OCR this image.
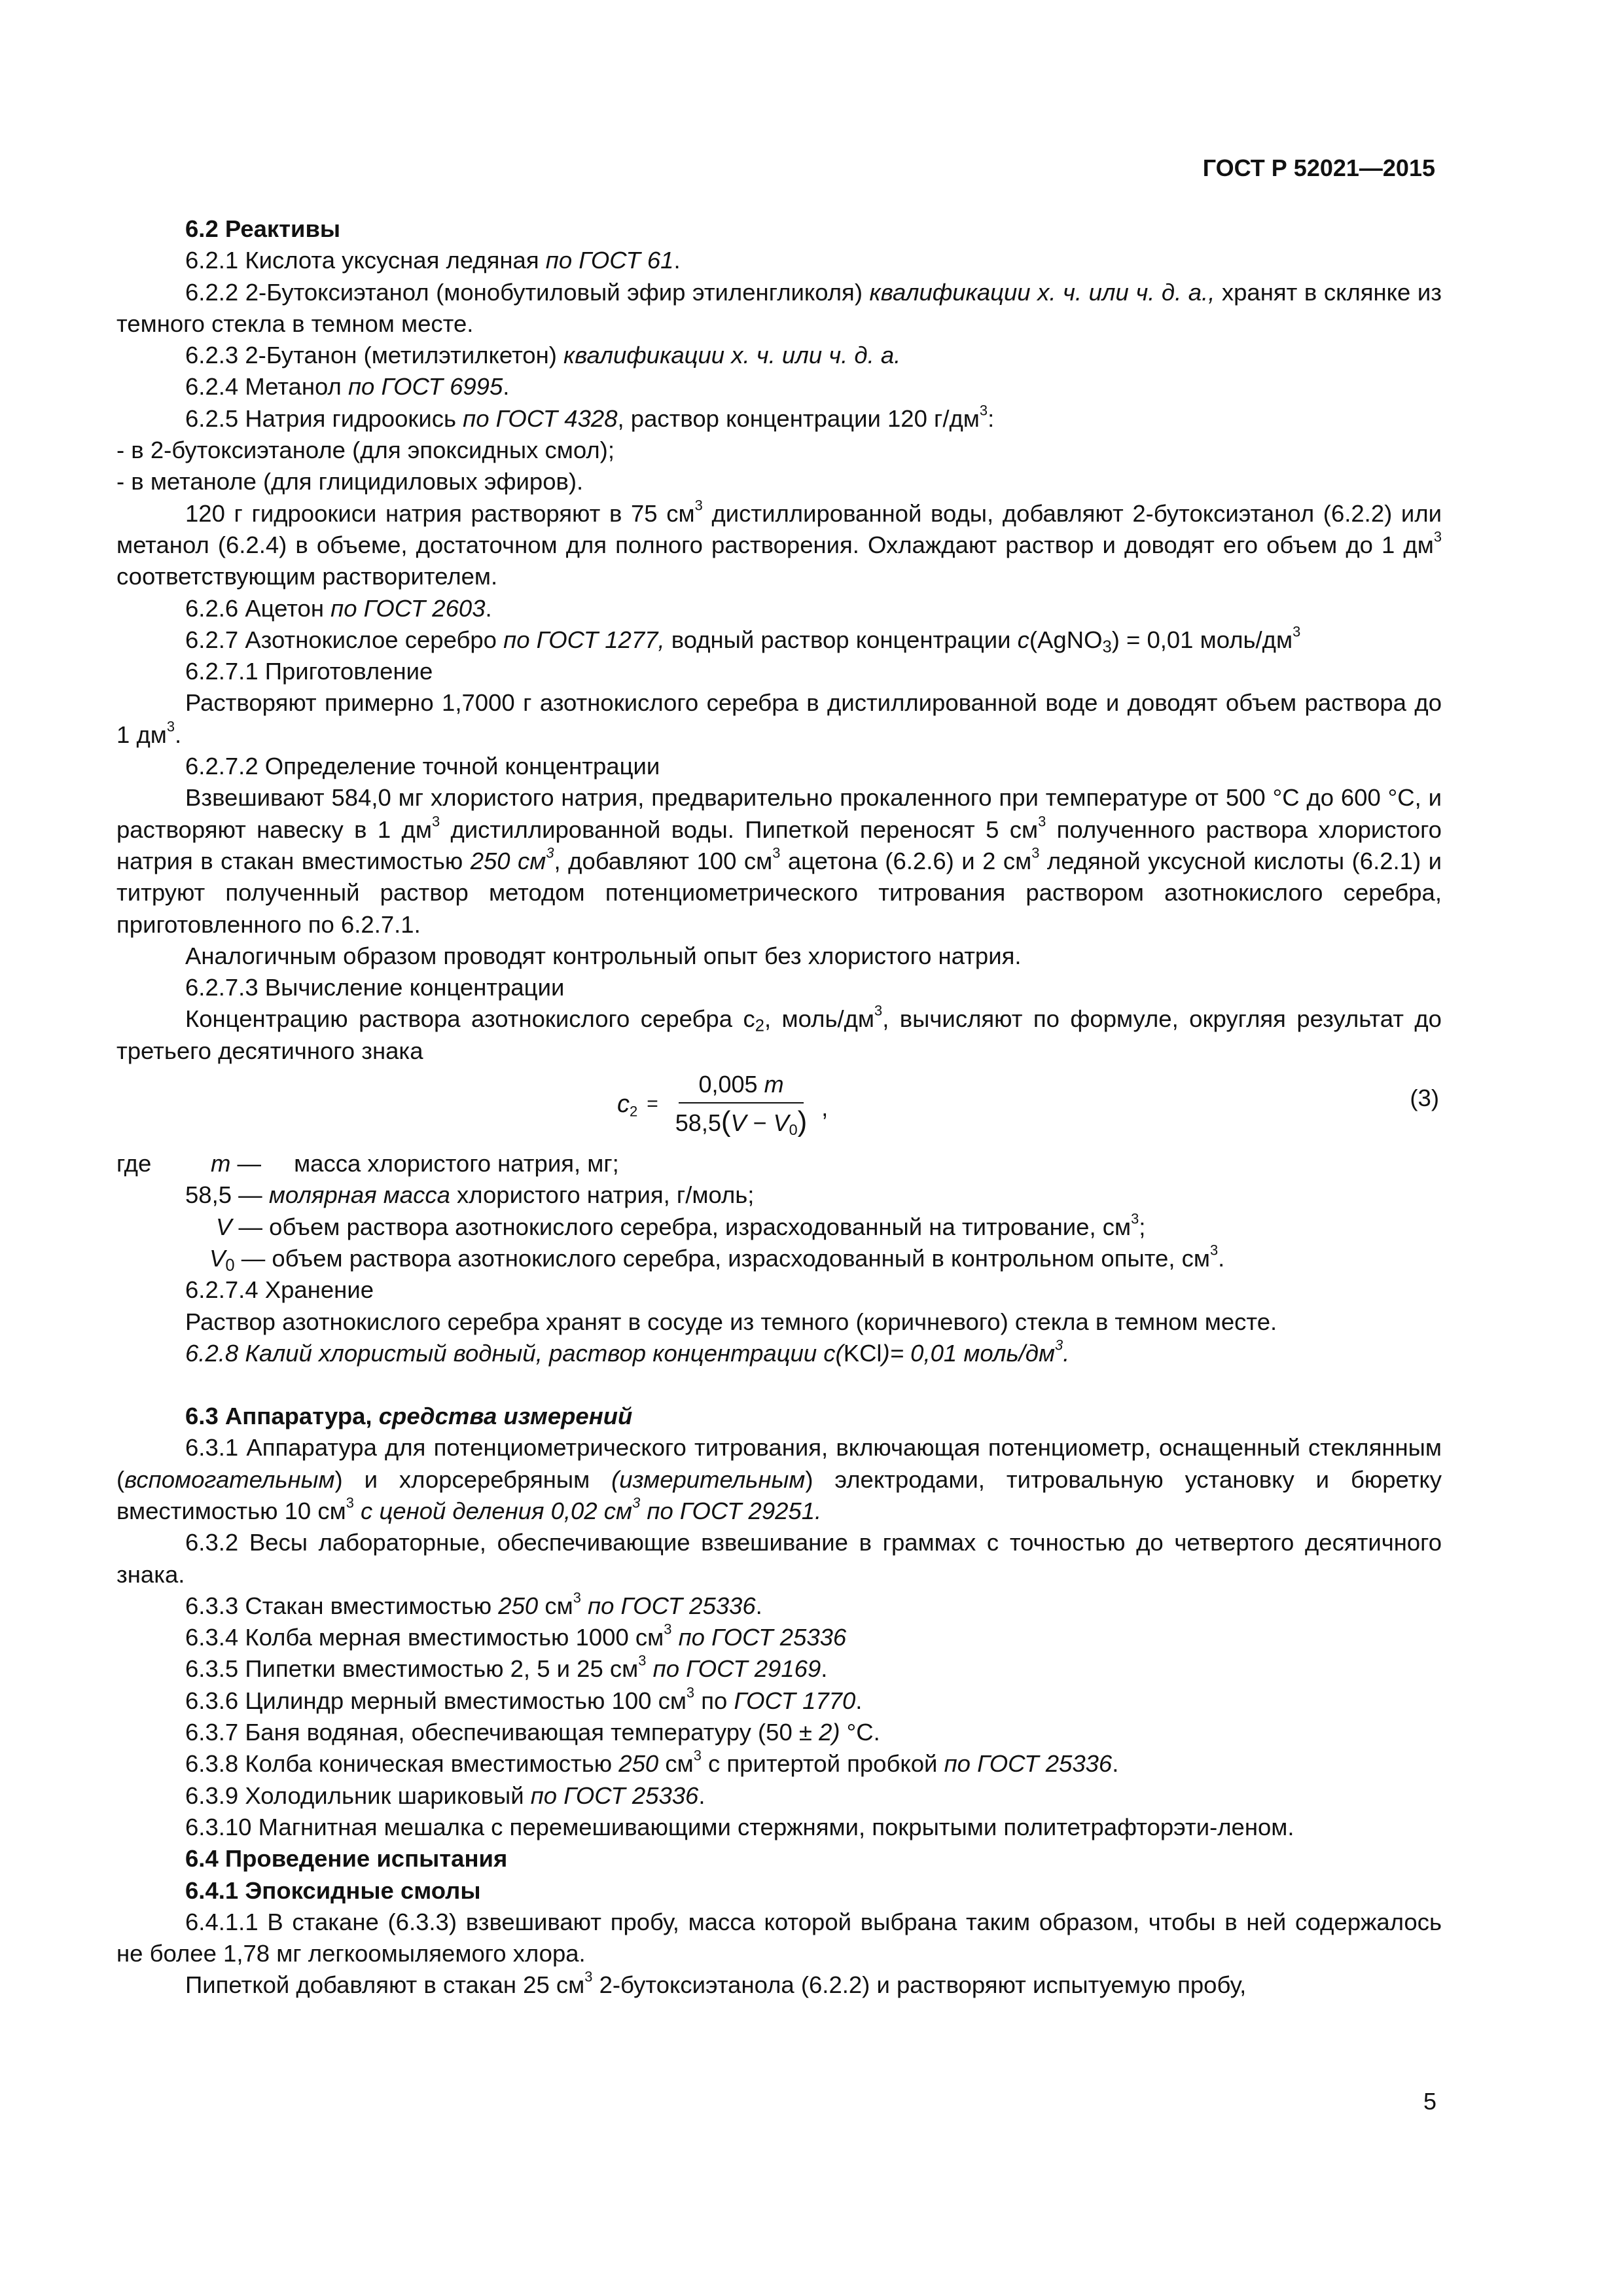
ГОСТ Р 52021—2015

6.2 Реактивы

6.2.1 Кислота уксусная ледяная по ГОСТ 61.

6.2.2 2-Бутоксиэтанол (монобутиловый эфир этиленгликоля) квалификации х. ч. или ч. д. а., хранят в склянке из темного стекла в темном месте.

6.2.3 2-Бутанон (метилэтилкетон) квалификации х. ч. или ч. д. а.

6.2.4 Метанол по ГОСТ 6995.

6.2.5 Натрия гидроокись по ГОСТ 4328, раствор концентрации 120 $г/дм^3$:

- в 2-бутоксиэтаноле (для эпоксидных смол);

- в метаноле (для глицидиловых эфиров).

120 г гидроокиси натрия растворяют в 75 $см^3$ дистиллированной воды, добавляют 2-бутоксиэтанол (6.2.2) или метанол (6.2.4) в объеме, достаточном для полного растворения. Охлаждают раствор и доводят его объем до 1 $дм^3$ соответствующим растворителем.

6.2.6 Ацетон по ГОСТ 2603.

6.2.7 Азотнокислое серебро по ГОСТ 1277, водный раствор концентрации c(AgNO$_3$) = 0,01 моль/$дм^3$

6.2.7.1 Приготовление

Растворяют примерно 1,7000 г азотнокислого серебра в дистиллированной воде и доводят объем раствора до 1 $дм^3$.

6.2.7.2 Определение точной концентрации

Взвешивают 584,0 мг хлористого натрия, предварительно прокаленного при температуре от 500 °С до 600 °С, и растворяют навеску в 1 $дм^3$ дистиллированной воды. Пипеткой переносят 5 $см^3$ полученного раствора хлористого натрия в стакан вместимостью 250 $см^3$, добавляют 100 $см^3$ ацетона (6.2.6) и 2 $см^3$ ледяной уксусной кислоты (6.2.1) и титруют полученный раствор методом потенциометрического титрования раствором азотнокислого серебра, приготовленного по 6.2.7.1.

Аналогичным образом проводят контрольный опыт без хлористого натрия.

6.2.7.3 Вычисление концентрации

Концентрацию раствора азотнокислого серебра $с_2$, моль/$дм^3$, вычисляют по формуле, округляя результат до третьего десятичного знака

$c_2 = \frac{0,005 m}{58,5(V - V_0)}$ ,	(3)
где m — масса хлористого натрия, мг;
58,5 — молярная масса хлористого натрия, г/моль;
V — объем раствора азотнокислого серебра, израсходованный на титрование, $см^3$;
$V_0$ — объем раствора азотнокислого серебра, израсходованный в контрольном опыте, $см^3$.

6.2.7.4 Хранение

Раствор азотнокислого серебра хранят в сосуде из темного (коричневого) стекла в темном месте.

6.2.8 Калий хлористый водный, раствор концентрации c(KCl)= 0,01 моль/$дм^3$.

6.3 Аппаратура, средства измерений

6.3.1 Аппаратура для потенциометрического титрования, включающая потенциометр, оснащенный стеклянным (вспомогательным) и хлорсеребряным (измерительным) электродами, титровальную установку и бюретку вместимостью 10 $см^3$ с ценой деления 0,02 $см^3$ по ГОСТ 29251.

6.3.2 Весы лабораторные, обеспечивающие взвешивание в граммах с точностью до четвертого десятичного знака.

6.3.3 Стакан вместимостью 250 $см^3$ по ГОСТ 25336.

6.3.4 Колба мерная вместимостью 1000 $см^3$ по ГОСТ 25336

6.3.5 Пипетки вместимостью 2, 5 и 25 $см^3$ по ГОСТ 29169.

6.3.6 Цилиндр мерный вместимостью 100 $см^3$ по ГОСТ 1770.

6.3.7 Баня водяная, обеспечивающая температуру (50 ± 2) °С.

6.3.8 Колба коническая вместимостью 250 $см^3$ с притертой пробкой по ГОСТ 25336.

6.3.9 Холодильник шариковый по ГОСТ 25336.

6.3.10 Магнитная мешалка с перемешивающими стержнями, покрытыми политетрафторэти-леном.

6.4 Проведение испытания

6.4.1 Эпоксидные смолы

6.4.1.1 В стакане (6.3.3) взвешивают пробу, масса которой выбрана таким образом, чтобы в ней содержалось не более 1,78 мг легкоомыляемого хлора.

Пипеткой добавляют в стакан 25 $см^3$ 2-бутоксиэтанола (6.2.2) и растворяют испытуемую пробу,

5
